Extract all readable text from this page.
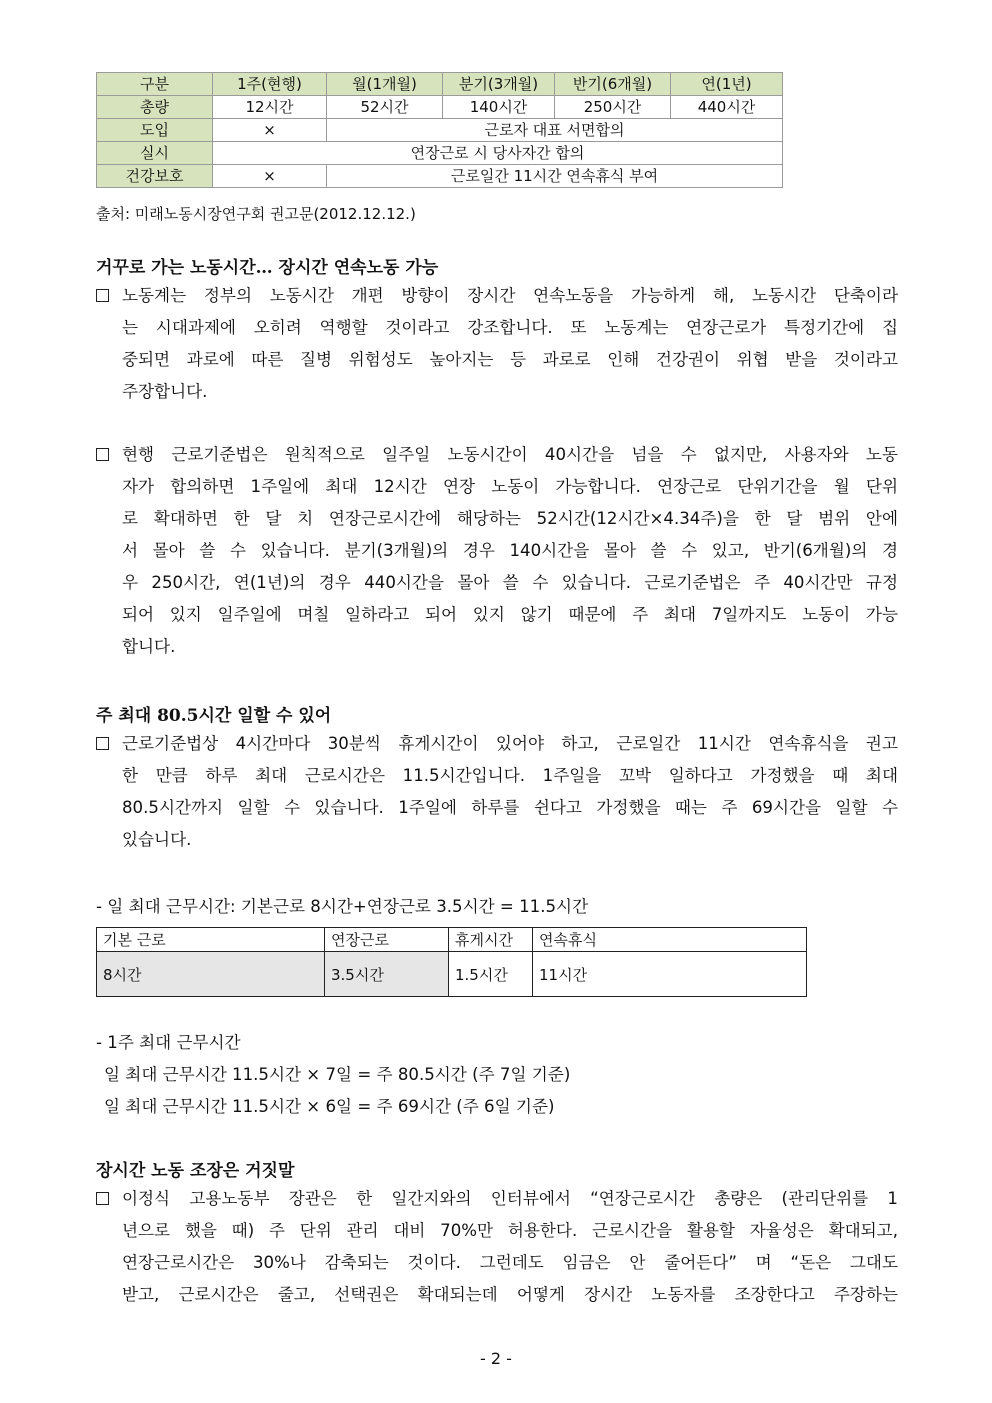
구분	1주(현행)	월(1개월)	분기(3개월)	반기(6개월)	연(1년)
총량	12시간	52시간	140시간	250시간	440시간
도입	×	근로자 대표 서면합의			
실시	연장근로 시 당사자간 합의				
건강보호	×	근로일간 11시간 연속휴식 부여			
출처: 미래노동시장연구회 권고문(2012.12.12.)
거꾸로 가는 노동시간… 장시간 연속노동 가능
노동계는 정부의 노동시간 개편 방향이 장시간 연속노동을 가능하게 해, 노동시간 단축이라
는 시대과제에 오히려 역행할 것이라고 강조합니다. 또 노동계는 연장근로가 특정기간에 집
중되면 과로에 따른 질병 위험성도 높아지는 등 과로로 인해 건강권이 위협 받을 것이라고
주장합니다.
현행 근로기준법은 원칙적으로 일주일 노동시간이 40시간을 넘을 수 없지만, 사용자와 노동
자가 합의하면 1주일에 최대 12시간 연장 노동이 가능합니다. 연장근로 단위기간을 월 단위
로 확대하면 한 달 치 연장근로시간에 해당하는 52시간(12시간×4.34주)을 한 달 범위 안에
서 몰아 쓸 수 있습니다. 분기(3개월)의 경우 140시간을 몰아 쓸 수 있고, 반기(6개월)의 경
우 250시간, 연(1년)의 경우 440시간을 몰아 쓸 수 있습니다. 근로기준법은 주 40시간만 규정
되어 있지 일주일에 며칠 일하라고 되어 있지 않기 때문에 주 최대 7일까지도 노동이 가능
합니다.
주 최대 80.5시간 일할 수 있어
근로기준법상 4시간마다 30분씩 휴게시간이 있어야 하고, 근로일간 11시간 연속휴식을 권고
한 만큼 하루 최대 근로시간은 11.5시간입니다. 1주일을 꼬박 일하다고 가정했을 때 최대
80.5시간까지 일할 수 있습니다. 1주일에 하루를 쉰다고 가정했을 때는 주 69시간을 일할 수
있습니다.
- 일 최대 근무시간: 기본근로 8시간+연장근로 3.5시간 = 11.5시간
기본 근로	연장근로	휴게시간	연속휴식
8시간	3.5시간	1.5시간	11시간
- 1주 최대 근무시간
일 최대 근무시간 11.5시간 × 7일 = 주 80.5시간 (주 7일 기준)
일 최대 근무시간 11.5시간 × 6일 = 주 69시간 (주 6일 기준)
장시간 노동 조장은 거짓말
이정식 고용노동부 장관은 한 일간지와의 인터뷰에서 “연장근로시간 총량은 (관리단위를 1
년으로 했을 때) 주 단위 관리 대비 70%만 허용한다. 근로시간을 활용할 자율성은 확대되고,
연장근로시간은 30%나 감축되는 것이다. 그런데도 임금은 안 줄어든다” 며 “돈은 그대도
받고, 근로시간은 줄고, 선택권은 확대되는데 어떻게 장시간 노동자를 조장한다고 주장하는
- 2 -
